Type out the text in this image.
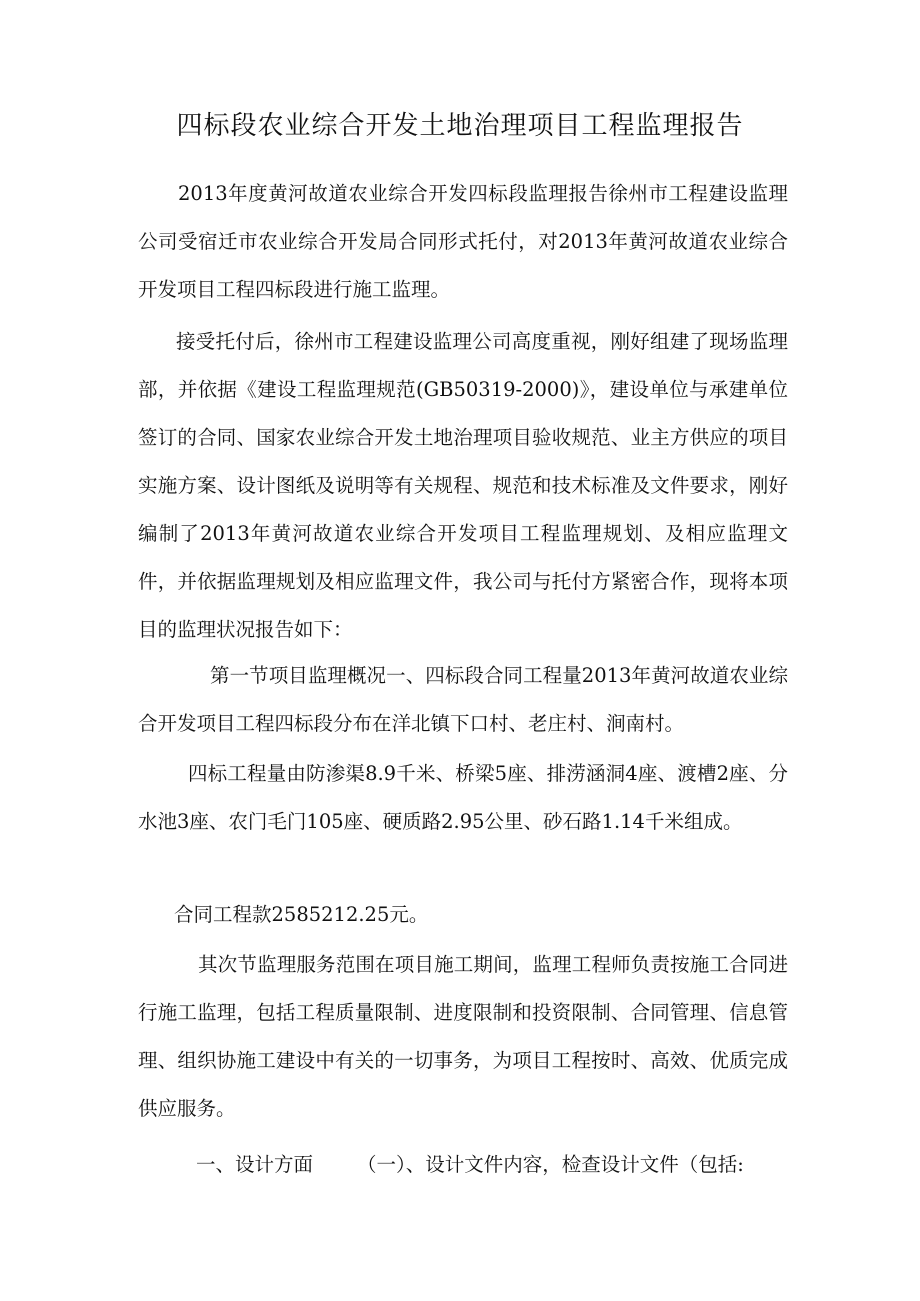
四标段农业综合开发土地治理项目工程监理报告

2013年度黄河故道农业综合开发四标段监理报告徐州市工程建设监理公司受宿迁市农业综合开发局合同形式托付，对2013年黄河故道农业综合开发项目工程四标段进行施工监理。

接受托付后，徐州市工程建设监理公司高度重视，刚好组建了现场监理部，并依据《建设工程监理规范(GB50319-2000)》，建设单位与承建单位签订的合同、国家农业综合开发土地治理项目验收规范、业主方供应的项目实施方案、设计图纸及说明等有关规程、规范和技术标准及文件要求，刚好编制了2013年黄河故道农业综合开发项目工程监理规划、及相应监理文件，并依据监理规划及相应监理文件，我公司与托付方紧密合作，现将本项目的监理状况报告如下：

第一节项目监理概况一、四标段合同工程量2013年黄河故道农业综合开发项目工程四标段分布在洋北镇下口村、老庄村、涧南村。

四标工程量由防渗渠8.9千米、桥梁5座、排涝涵洞4座、渡槽2座、分水池3座、农门毛门105座、硬质路2.95公里、砂石路1.14千米组成。

合同工程款2585212.25元。

其次节监理服务范围在项目施工期间，监理工程师负责按施工合同进行施工监理，包括工程质量限制、进度限制和投资限制、合同管理、信息管理、组织协施工建设中有关的一切事务，为项目工程按时、高效、优质完成供应服务。

一、设计方面 （一）、设计文件内容，检查设计文件（包括:
